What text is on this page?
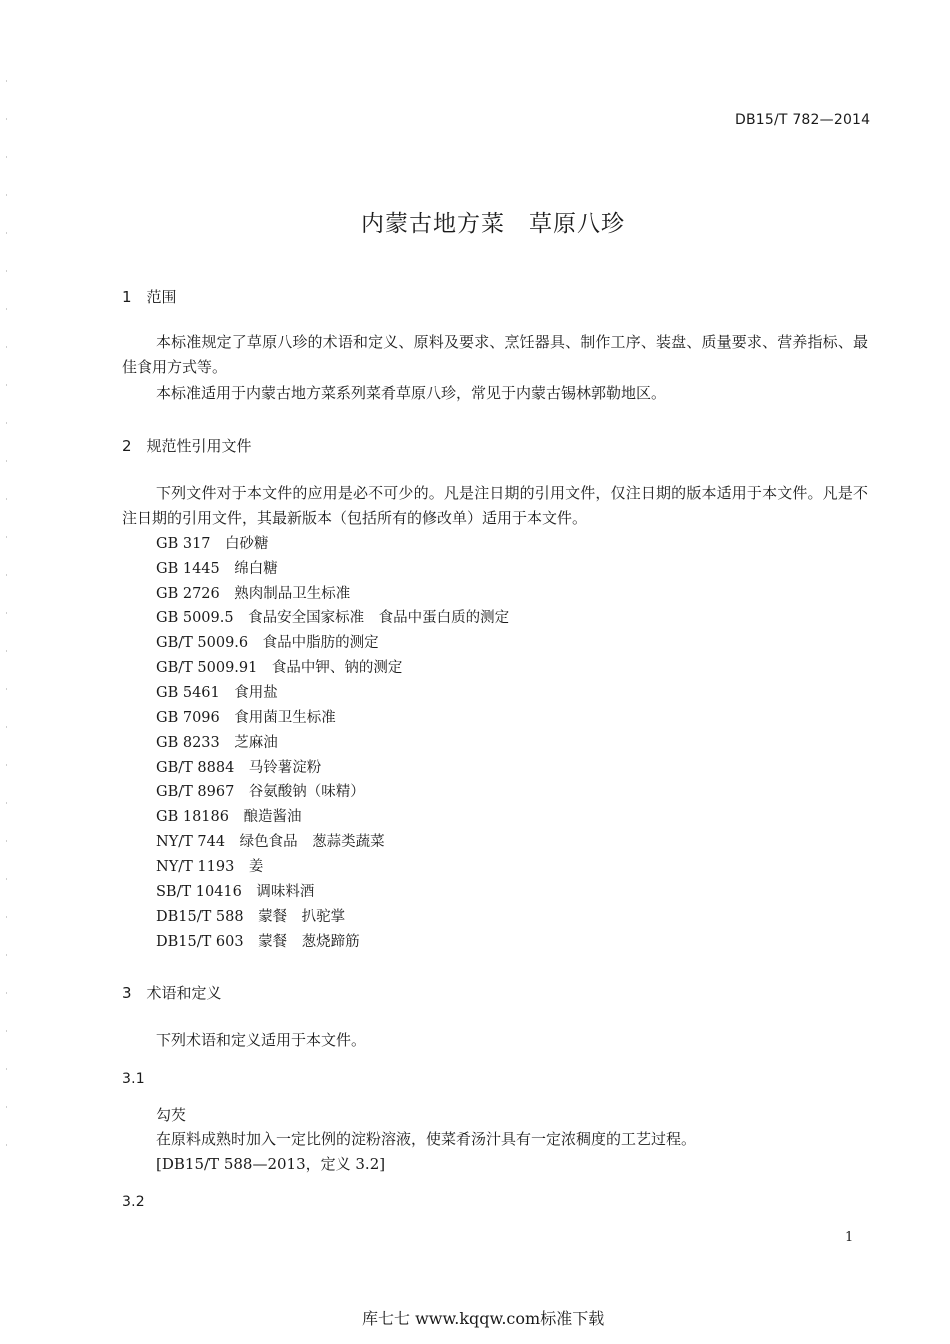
DB15/T 782—2014
内蒙古地方菜　草原八珍
1　范围
本标准规定了草原八珍的术语和定义、原料及要求、烹饪器具、制作工序、装盘、质量要求、营养指标、最佳食用方式等。
本标准适用于内蒙古地方菜系列菜肴草原八珍，常见于内蒙古锡林郭勒地区。
2　规范性引用文件
下列文件对于本文件的应用是必不可少的。凡是注日期的引用文件，仅注日期的版本适用于本文件。凡是不注日期的引用文件，其最新版本（包括所有的修改单）适用于本文件。
GB 317　白砂糖
GB 1445　绵白糖
GB 2726　熟肉制品卫生标准
GB 5009.5　食品安全国家标准　食品中蛋白质的测定
GB/T 5009.6　食品中脂肪的测定
GB/T 5009.91　食品中钾、钠的测定
GB 5461　食用盐
GB 7096　食用菌卫生标准
GB 8233　芝麻油
GB/T 8884　马铃薯淀粉
GB/T 8967　谷氨酸钠（味精）
GB 18186　酿造酱油
NY/T 744　绿色食品　葱蒜类蔬菜
NY/T 1193　姜
SB/T 10416　调味料酒
DB15/T 588　蒙餐　扒驼掌
DB15/T 603　蒙餐　葱烧蹄筋
3　术语和定义
下列术语和定义适用于本文件。
3.1
勾芡
在原料成熟时加入一定比例的淀粉溶液，使菜肴汤汁具有一定浓稠度的工艺过程。
[DB15/T 588—2013，定义 3.2]
3.2
1
库七七 www.kqqw.com标准下载
